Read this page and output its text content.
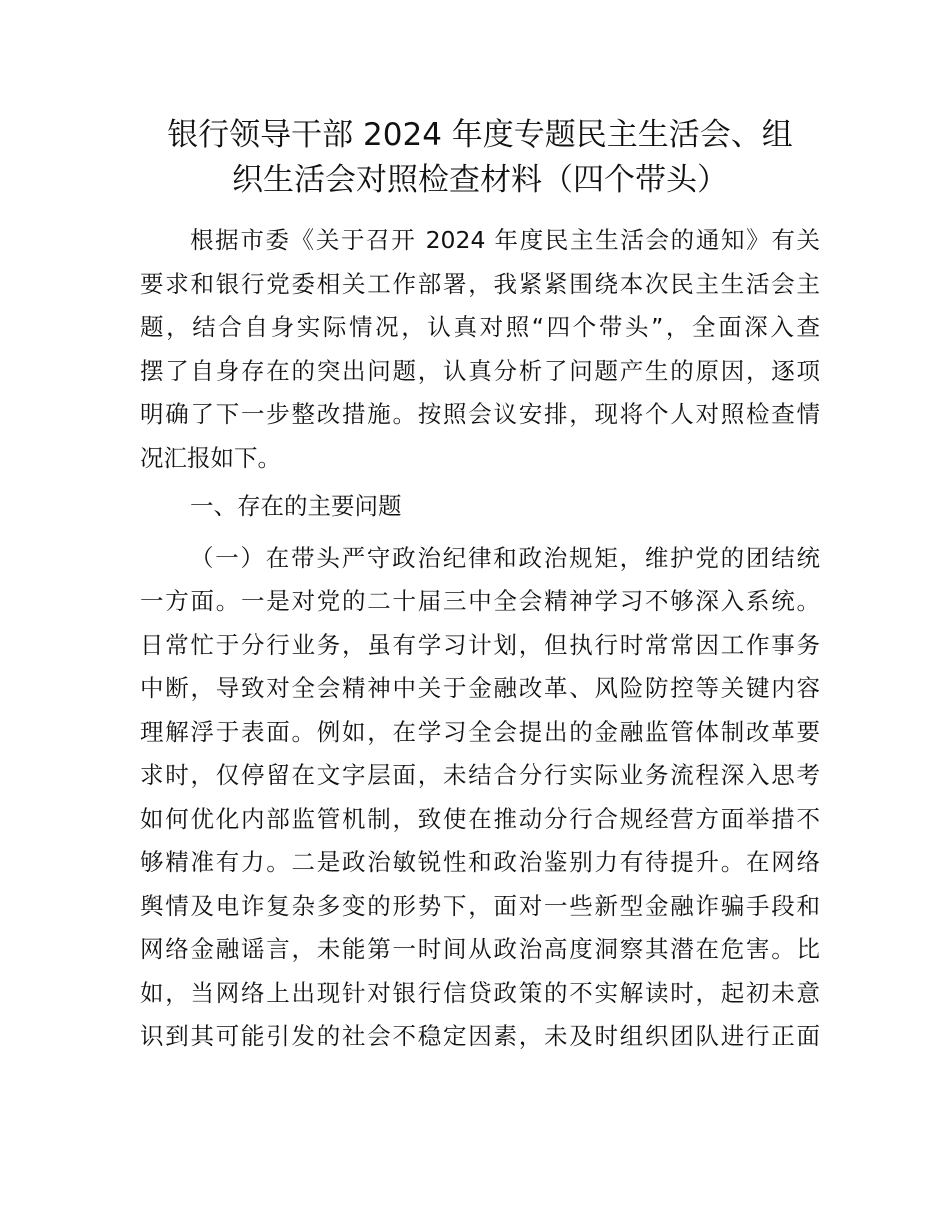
银行领导干部 2024 年度专题民主生活会、组
织生活会对照检查材料（四个带头）
根据市委《关于召开 2024 年度民主生活会的通知》有关
要求和银行党委相关工作部署，我紧紧围绕本次民主生活会主
题，结合自身实际情况，认真对照“四个带头”，全面深入查
摆了自身存在的突出问题，认真分析了问题产生的原因，逐项
明确了下一步整改措施。按照会议安排，现将个人对照检查情
况汇报如下。
一、存在的主要问题
（一）在带头严守政治纪律和政治规矩，维护党的团结统
一方面。一是对党的二十届三中全会精神学习不够深入系统。
日常忙于分行业务，虽有学习计划，但执行时常常因工作事务
中断，导致对全会精神中关于金融改革、风险防控等关键内容
理解浮于表面。例如，在学习全会提出的金融监管体制改革要
求时，仅停留在文字层面，未结合分行实际业务流程深入思考
如何优化内部监管机制，致使在推动分行合规经营方面举措不
够精准有力。二是政治敏锐性和政治鉴别力有待提升。在网络
舆情及电诈复杂多变的形势下，面对一些新型金融诈骗手段和
网络金融谣言，未能第一时间从政治高度洞察其潜在危害。比
如，当网络上出现针对银行信贷政策的不实解读时，起初未意
识到其可能引发的社会不稳定因素，未及时组织团队进行正面
